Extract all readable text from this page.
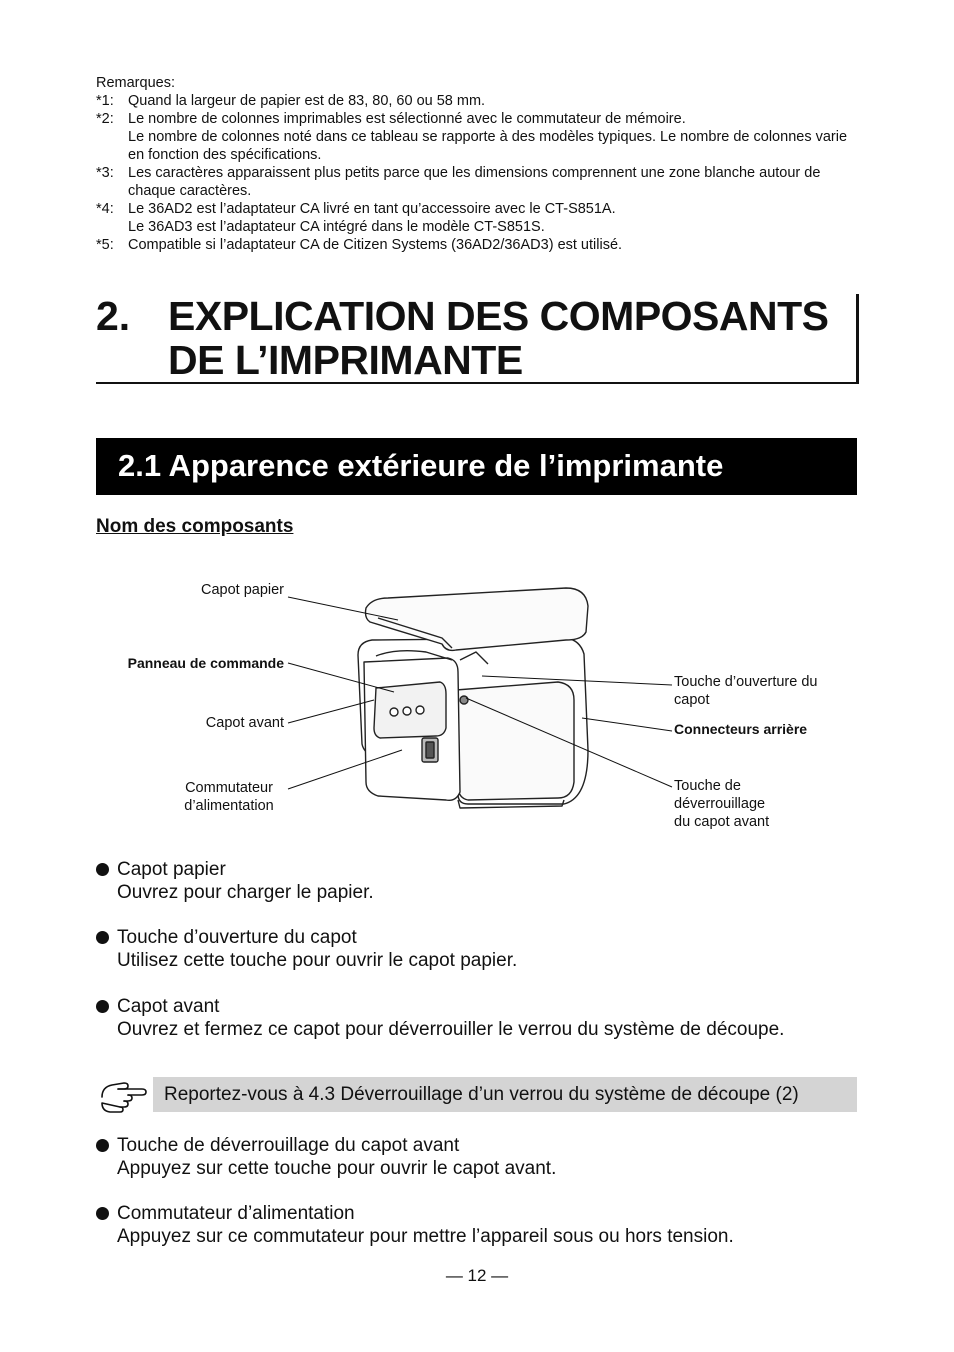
Remarques:
*1: Quand la largeur de papier est de 83, 80, 60 ou 58 mm.
*2: Le nombre de colonnes imprimables est sélectionné avec le commutateur de mémoire.
Le nombre de colonnes noté dans ce tableau se rapporte à des modèles typiques. Le nombre de colonnes varie en fonction des spécifications.
*3: Les caractères apparaissent plus petits parce que les dimensions comprennent une zone blanche autour de chaque caractères.
*4: Le 36AD2 est l’adaptateur CA livré en tant qu’accessoire avec le CT-S851A.
Le 36AD3 est l’adaptateur CA intégré dans le modèle CT-S851S.
*5: Compatible si l’adaptateur CA de Citizen Systems (36AD2/36AD3) est utilisé.
2. EXPLICATION DES COMPOSANTS
DE L’IMPRIMANTE
2.1 Apparence extérieure de l’imprimante
Nom des composants
Capot papier
Panneau de commande
Capot avant
Commutateur
d’alimentation
Touche d’ouverture du
capot
Connecteurs arrière
Touche de
déverrouillage
du capot avant
Capot papier
Ouvrez pour charger le papier.
Touche d’ouverture du capot
Utilisez cette touche pour ouvrir le capot papier.
Capot avant
Ouvrez et fermez ce capot pour déverrouiller le verrou du système de découpe.
Touche de déverrouillage du capot avant
Appuyez sur cette touche pour ouvrir le capot avant.
Commutateur d’alimentation
Appuyez sur ce commutateur pour mettre l’appareil sous ou hors tension.
Reportez-vous à 4.3 Déverrouillage d’un verrou du système de découpe (2)
— 12 —
